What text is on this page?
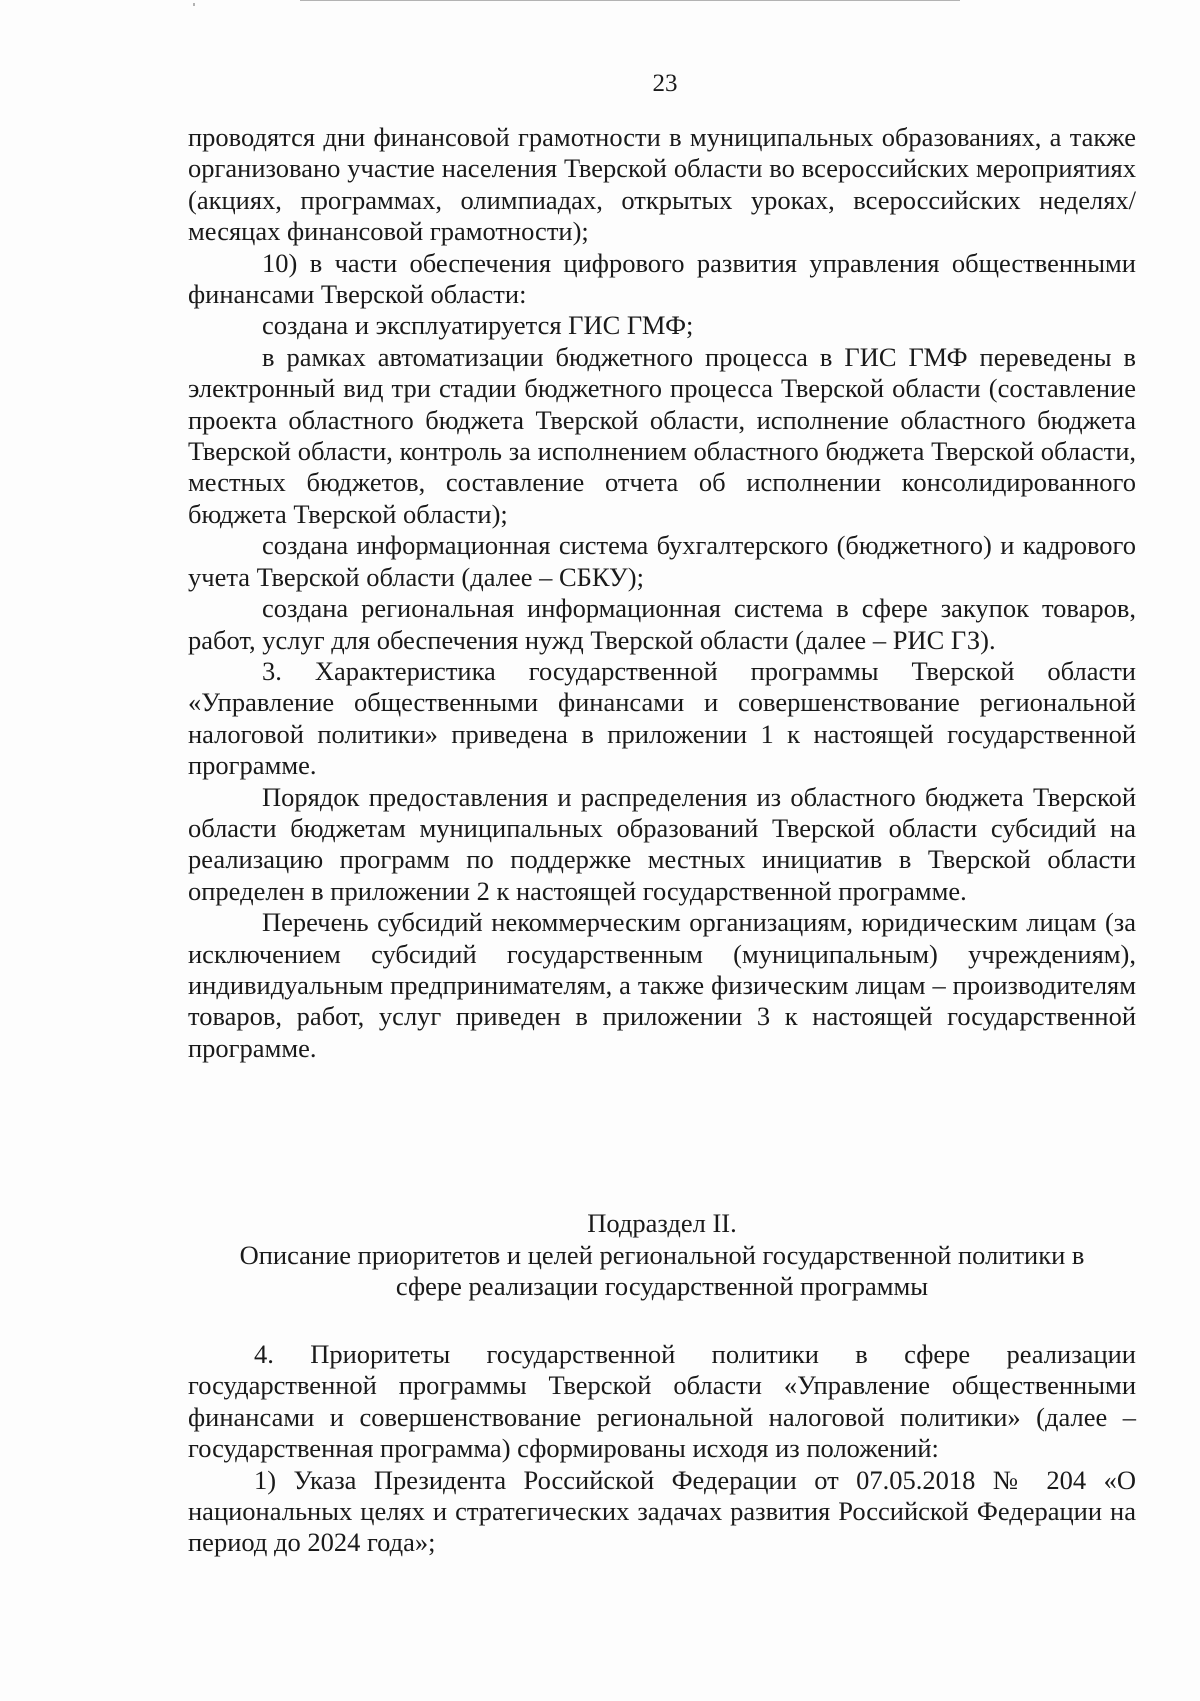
23

проводятся дни финансовой грамотности в муниципальных образованиях, а также организовано участие населения Тверской области во всероссийских мероприятиях (акциях, программах, олимпиадах, открытых уроках, всероссийских неделях/месяцах финансовой грамотности);

10) в части обеспечения цифрового развития управления общественными финансами Тверской области:

создана и эксплуатируется ГИС ГМФ;

в рамках автоматизации бюджетного процесса в ГИС ГМФ переведены в электронный вид три стадии бюджетного процесса Тверской области (составление проекта областного бюджета Тверской области, исполнение областного бюджета Тверской области, контроль за исполнением областного бюджета Тверской области, местных бюджетов, составление отчета об исполнении консолидированного бюджета Тверской области);

создана информационная система бухгалтерского (бюджетного) и кадрового учета Тверской области (далее – СБКУ);

создана региональная информационная система в сфере закупок товаров, работ, услуг для обеспечения нужд Тверской области (далее – РИС ГЗ).

3. Характеристика государственной программы Тверской области «Управление общественными финансами и совершенствование региональной налоговой политики» приведена в приложении 1 к настоящей государственной программе.

Порядок предоставления и распределения из областного бюджета Тверской области бюджетам муниципальных образований Тверской области субсидий на реализацию программ по поддержке местных инициатив в Тверской области определен в приложении 2 к настоящей государственной программе.

Перечень субсидий некоммерческим организациям, юридическим лицам (за исключением субсидий государственным (муниципальным) учреждениям), индивидуальным предпринимателям, а также физическим лицам – производителям товаров, работ, услуг приведен в приложении 3 к настоящей государственной программе.

Подраздел II.
Описание приоритетов и целей региональной государственной политики в
сфере реализации государственной программы

4. Приоритеты государственной политики в сфере реализации государственной программы Тверской области «Управление общественными финансами и совершенствование региональной налоговой политики» (далее – государственная программа) сформированы исходя из положений:

1) Указа Президента Российской Федерации от 07.05.2018 № 204 «О национальных целях и стратегических задачах развития Российской Федерации на период до 2024 года»;
